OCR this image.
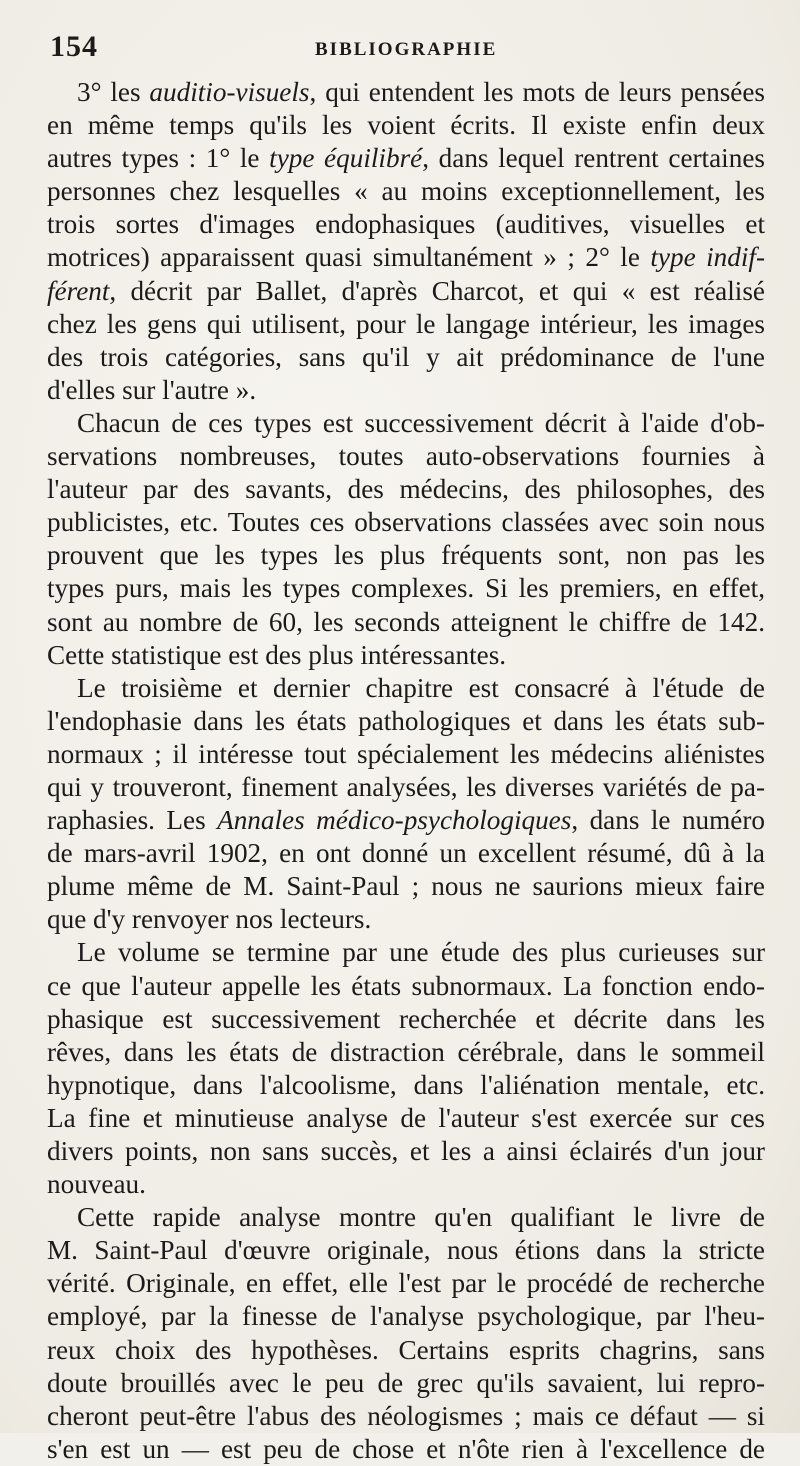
154	BIBLIOGRAPHIE
3° les auditio-visuels, qui entendent les mots de leurs pensées
en même temps qu'ils les voient écrits. Il existe enfin deux
autres types : 1° le type équilibré, dans lequel rentrent certaines
personnes chez lesquelles « au moins exceptionnellement, les
trois sortes d'images endophasiques (auditives, visuelles et
motrices) apparaissent quasi simultanément » ; 2° le type indif-
férent, décrit par Ballet, d'après Charcot, et qui « est réalisé
chez les gens qui utilisent, pour le langage intérieur, les images
des trois catégories, sans qu'il y ait prédominance de l'une
d'elles sur l'autre ».
Chacun de ces types est successivement décrit à l'aide d'ob-
servations nombreuses, toutes auto-observations fournies à
l'auteur par des savants, des médecins, des philosophes, des
publicistes, etc. Toutes ces observations classées avec soin nous
prouvent que les types les plus fréquents sont, non pas les
types purs, mais les types complexes. Si les premiers, en effet,
sont au nombre de 60, les seconds atteignent le chiffre de 142.
Cette statistique est des plus intéressantes.
Le troisième et dernier chapitre est consacré à l'étude de
l'endophasie dans les états pathologiques et dans les états sub-
normaux ; il intéresse tout spécialement les médecins aliénistes
qui y trouveront, finement analysées, les diverses variétés de pa-
raphasies. Les Annales médico-psychologiques, dans le numéro
de mars-avril 1902, en ont donné un excellent résumé, dû à la
plume même de M. Saint-Paul ; nous ne saurions mieux faire
que d'y renvoyer nos lecteurs.
Le volume se termine par une étude des plus curieuses sur
ce que l'auteur appelle les états subnormaux. La fonction endo-
phasique est successivement recherchée et décrite dans les
rêves, dans les états de distraction cérébrale, dans le sommeil
hypnotique, dans l'alcoolisme, dans l'aliénation mentale, etc.
La fine et minutieuse analyse de l'auteur s'est exercée sur ces
divers points, non sans succès, et les a ainsi éclairés d'un jour
nouveau.
Cette rapide analyse montre qu'en qualifiant le livre de
M. Saint-Paul d'œuvre originale, nous étions dans la stricte
vérité. Originale, en effet, elle l'est par le procédé de recherche
employé, par la finesse de l'analyse psychologique, par l'heu-
reux choix des hypothèses. Certains esprits chagrins, sans
doute brouillés avec le peu de grec qu'ils savaient, lui repro-
cheront peut-être l'abus des néologismes ; mais ce défaut — si
s'en est un — est peu de chose et n'ôte rien à l'excellence de
